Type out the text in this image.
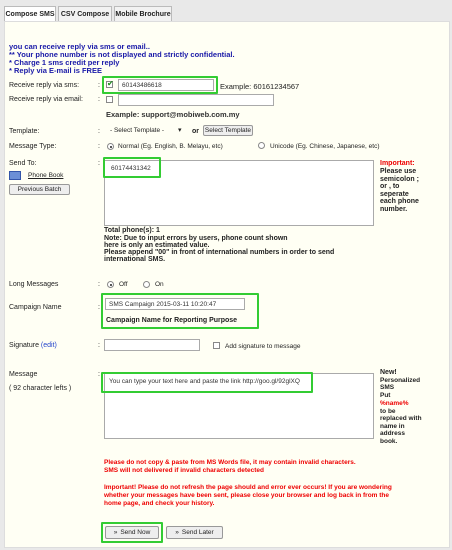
Compose SMS CSV Compose Mobile Brochure
you can receive reply via sms or email..
** Your phone number is not displayed and strictly confidential.
* Charge 1 sms credit per reply
* Reply via E-mail is FREE
Receive reply via sms:	: ✔	60143486618	Example: 60161234567
Receive reply via email: :
Example: support@mobiweb.com.my
Template:	: - Select Template - ▾ or Select Template
Message Type:	:	Normal (Eg. English, B. Melayu, etc)	Unicode (Eg. Chinese, Japanese, etc)
Send To:	:
Phone Book
Previous Batch
60174431342
Important:
Please use semicolon ; or , to seperate each phone number.
Total phone(s): 1
Note: Due to input errors by users, phone count shown
here is only an estimated value.
Please append "00" in front of international numbers in order to send
international SMS.
Long Messages	:	Off	On
Campaign Name	:	SMS Campaign 2015-03-11 10:20:47
Campaign Name for Reporting Purpose
Signature (edit)	:	Add signature to message
Message	:
( 92 character lefts )
You can type your text here and paste the link http://goo.gl/92glXQ
New!
Personalized SMS
Put
%name%
to be replaced with name in address book.
Please do not copy & paste from MS Words file, it may contain invalid characters.
SMS will not delivered if invalid characters detected
Important! Please do not refresh the page should and error ever occurs! If you are wondering
whether your messages have been sent, please close your browser and log back in from the
home page, and check your history.
» Send Now	» Send Later
